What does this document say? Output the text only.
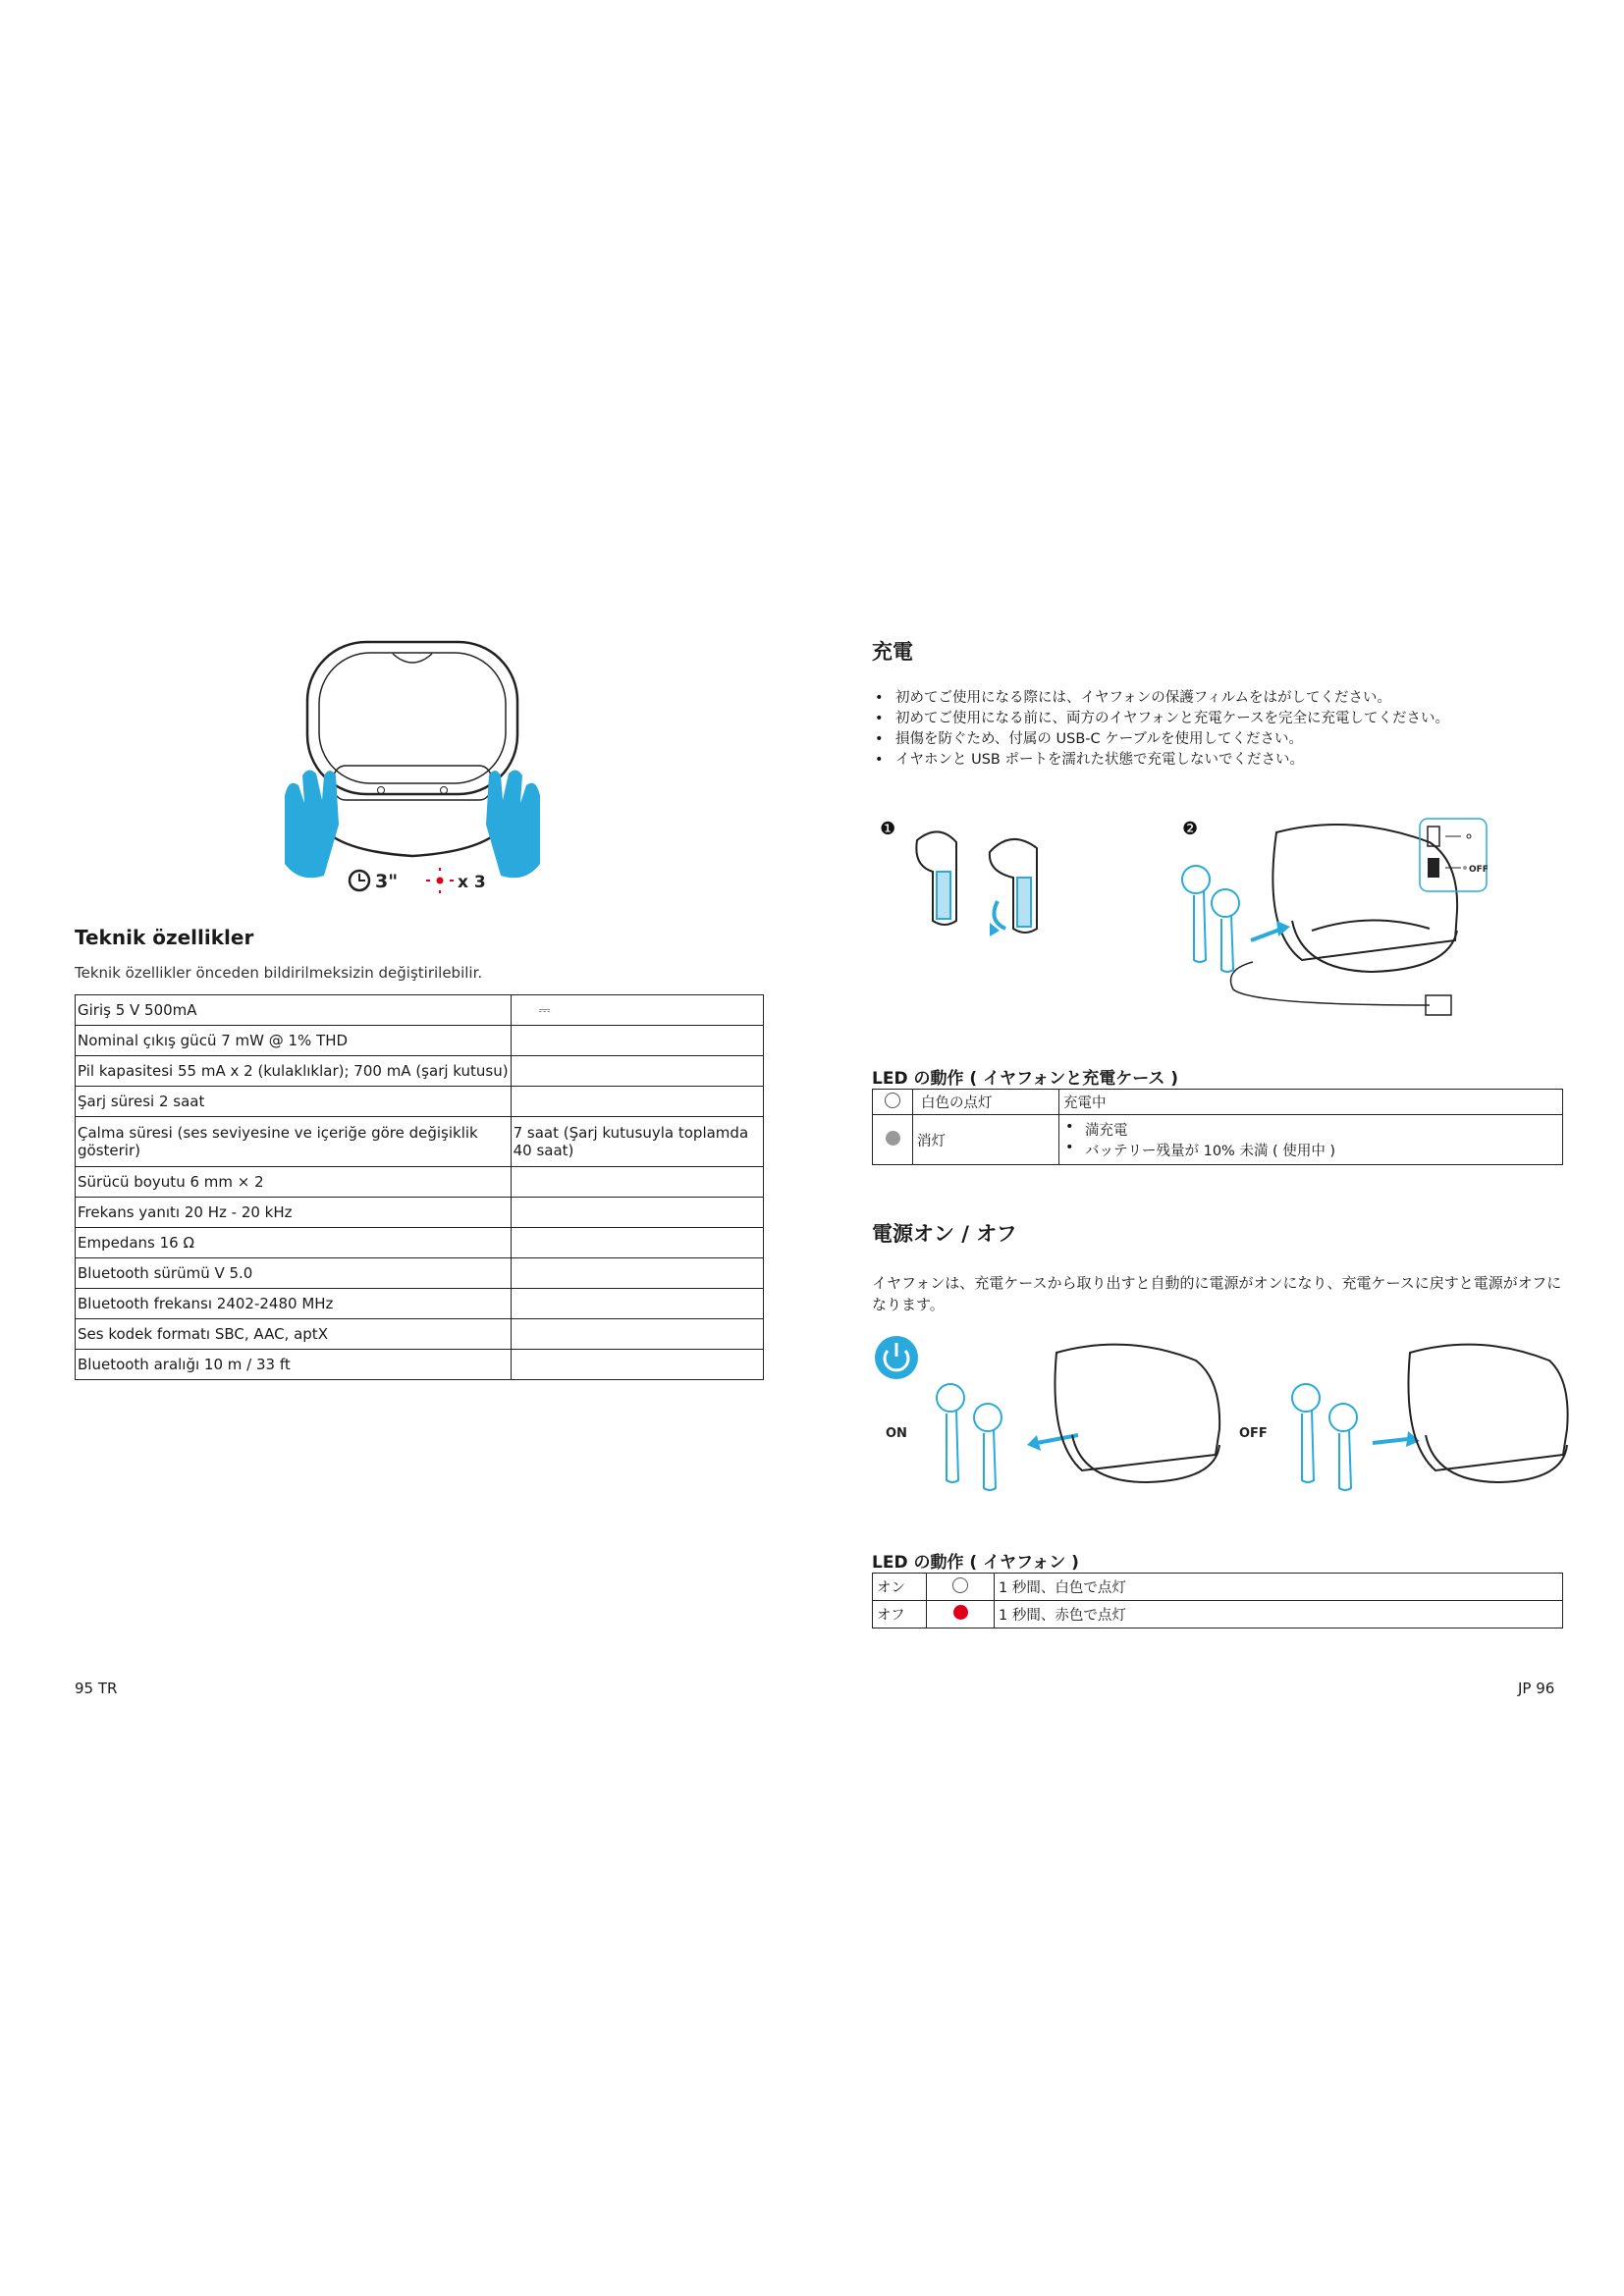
3"	x 3
Teknik özellikler
Teknik özellikler önceden bildirilmeksizin değiştirilebilir.
Giriş 5 V 500mA	⎓
Nominal çıkış gücü 7 mW @ 1% THD	
Pil kapasitesi 55 mA x 2 (kulaklıklar); 700 mA (şarj kutusu)	
Şarj süresi 2 saat	
Çalma süresi (ses seviyesine ve içeriğe göre değişiklik gösterir)	7 saat (Şarj kutusuyla toplamda 40 saat)
Sürücü boyutu 6 mm × 2	
Frekans yanıtı 20 Hz - 20 kHz	
Empedans 16 Ω	
Bluetooth sürümü V 5.0	
Bluetooth frekansı 2402-2480 MHz	
Ses kodek formatı SBC, AAC, aptX	
Bluetooth aralığı 10 m / 33 ft	
95 TR
充電
• 初めてご使用になる際には、イヤフォンの保護フィルムをはがしてください。
• 初めてご使用になる前に、両方のイヤフォンと充電ケースを完全に充電してください。
• 損傷を防ぐため、付属の USB-C ケーブルを使用してください。
• イヤホンと USB ポートを濡れた状態で充電しないでください。
❶	❷
OFF
LED の動作 ( イヤフォンと充電ケース )
	白色の点灯	充電中
	消灯	• 満充電
• バッテリー残量が 10% 未満 ( 使用中 )
電源オン / オフ
イヤフォンは、充電ケースから取り出すと自動的に電源がオンになり、充電ケースに戻すと電源がオフになります。
ON	OFF
LED の動作 ( イヤフォン )
オン		1 秒間、白色で点灯
オフ		1 秒間、赤色で点灯
JP 96
